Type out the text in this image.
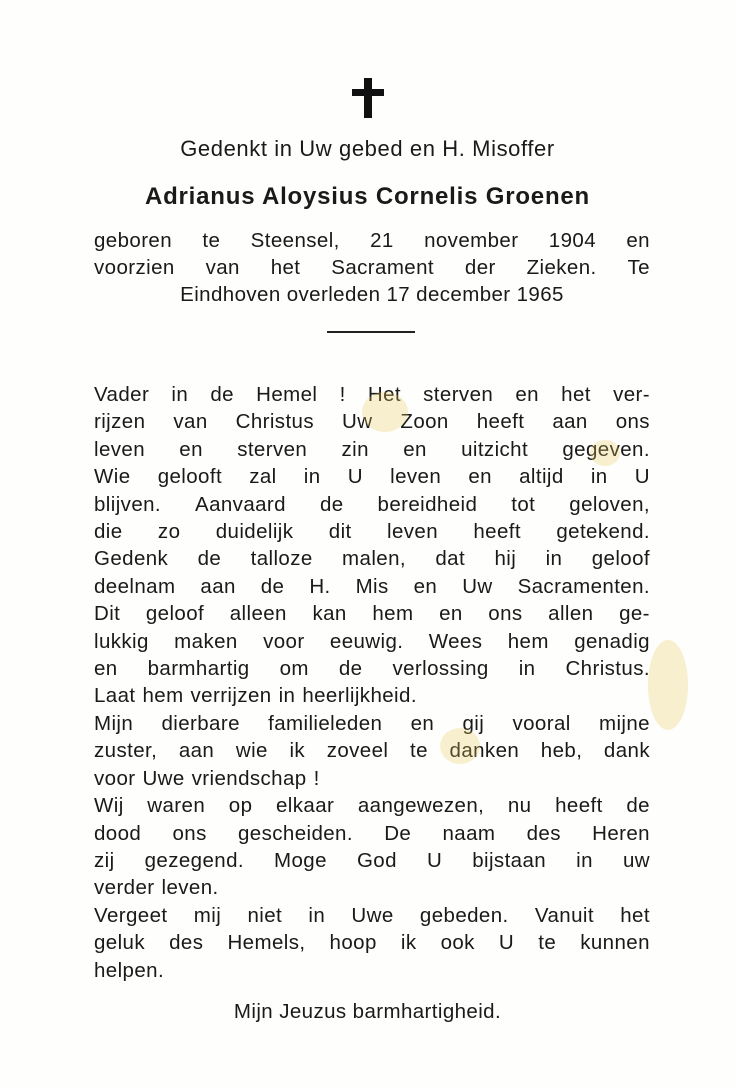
Gedenkt in Uw gebed en H. Misoffer
Adrianus Aloysius Cornelis Groenen
geboren te Steensel, 21 november 1904 en
voorzien van het Sacrament der Zieken. Te
Eindhoven overleden 17 december 1965
Vader in de Hemel ! Het sterven en het ver-
rijzen van Christus Uw Zoon heeft aan ons
leven en sterven zin en uitzicht gegeven.
Wie gelooft zal in U leven en altijd in U
blijven. Aanvaard de bereidheid tot geloven,
die zo duidelijk dit leven heeft getekend.
Gedenk de talloze malen, dat hij in geloof
deelnam aan de H. Mis en Uw Sacramenten.
Dit geloof alleen kan hem en ons allen ge-
lukkig maken voor eeuwig. Wees hem genadig
en barmhartig om de verlossing in Christus.
Laat hem verrijzen in heerlijkheid.
Mijn dierbare familieleden en gij vooral mijne
zuster, aan wie ik zoveel te danken heb, dank
voor Uwe vriendschap !
Wij waren op elkaar aangewezen, nu heeft de
dood ons gescheiden. De naam des Heren
zij gezegend. Moge God U bijstaan in uw
verder leven.
Vergeet mij niet in Uwe gebeden. Vanuit het
geluk des Hemels, hoop ik ook U te kunnen
helpen.
Mijn Jeuzus barmhartigheid.
